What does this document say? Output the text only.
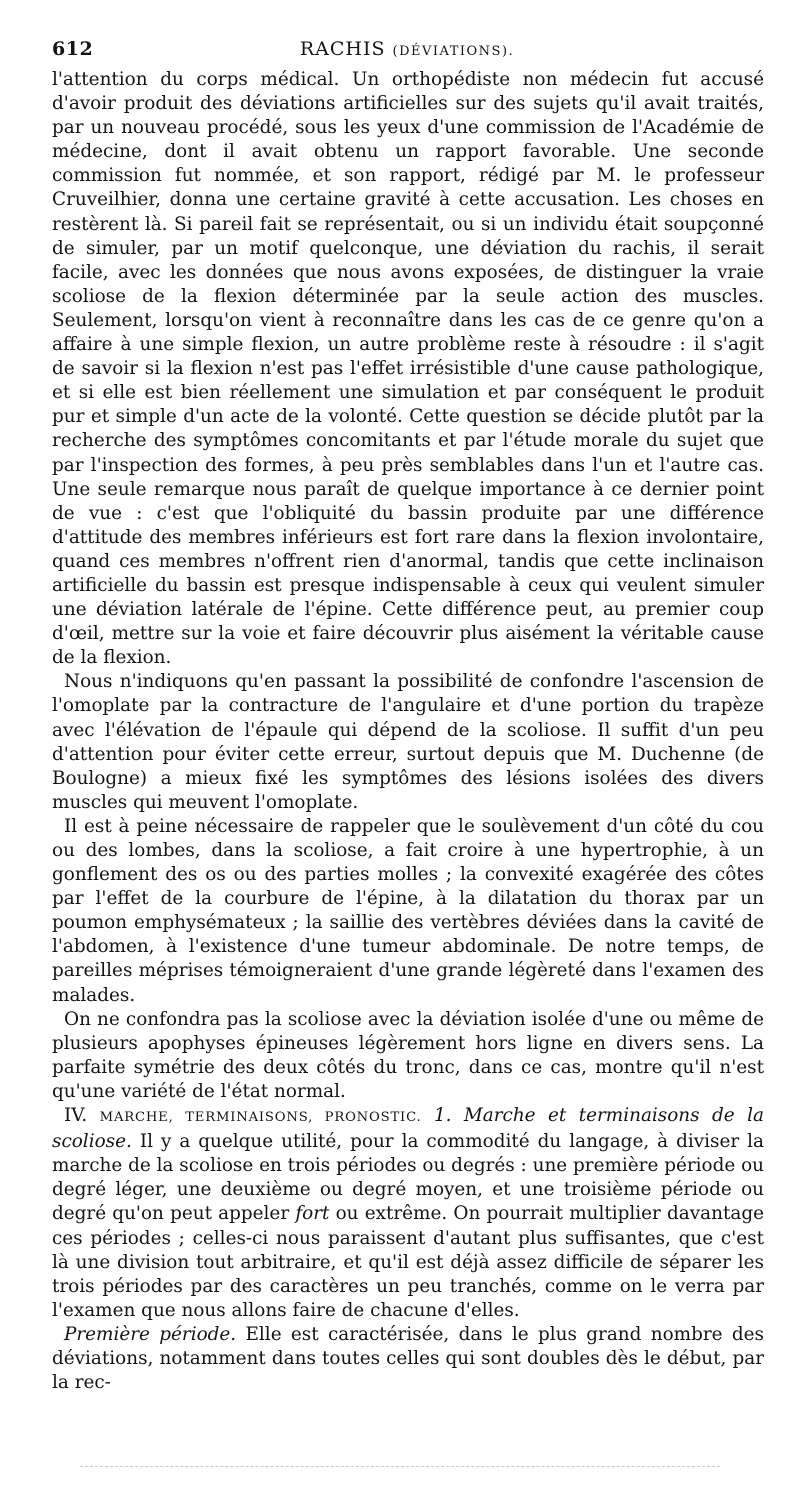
612	RACHIS (DÉVIATIONS).

l'attention du corps médical. Un orthopédiste non médecin fut accusé d'avoir produit des déviations artificielles sur des sujets qu'il avait traités, par un nouveau procédé, sous les yeux d'une commission de l'Académie de médecine, dont il avait obtenu un rapport favorable. Une seconde commission fut nommée, et son rapport, rédigé par M. le professeur Cruveilhier, donna une certaine gravité à cette accusation. Les choses en restèrent là. Si pareil fait se représentait, ou si un individu était soupçonné de simuler, par un motif quelconque, une déviation du rachis, il serait facile, avec les données que nous avons exposées, de distinguer la vraie scoliose de la flexion déterminée par la seule action des muscles. Seulement, lorsqu'on vient à reconnaître dans les cas de ce genre qu'on a affaire à une simple flexion, un autre problème reste à résoudre : il s'agit de savoir si la flexion n'est pas l'effet irrésistible d'une cause pathologique, et si elle est bien réellement une simulation et par conséquent le produit pur et simple d'un acte de la volonté. Cette question se décide plutôt par la recherche des symptômes concomitants et par l'étude morale du sujet que par l'inspection des formes, à peu près semblables dans l'un et l'autre cas. Une seule remarque nous paraît de quelque importance à ce dernier point de vue : c'est que l'obliquité du bassin produite par une différence d'attitude des membres inférieurs est fort rare dans la flexion involontaire, quand ces membres n'offrent rien d'anormal, tandis que cette inclinaison artificielle du bassin est presque indispensable à ceux qui veulent simuler une déviation latérale de l'épine. Cette différence peut, au premier coup d'œil, mettre sur la voie et faire découvrir plus aisément la véritable cause de la flexion.

Nous n'indiquons qu'en passant la possibilité de confondre l'ascension de l'omoplate par la contracture de l'angulaire et d'une portion du trapèze avec l'élévation de l'épaule qui dépend de la scoliose. Il suffit d'un peu d'attention pour éviter cette erreur, surtout depuis que M. Duchenne (de Boulogne) a mieux fixé les symptômes des lésions isolées des divers muscles qui meuvent l'omoplate.

Il est à peine nécessaire de rappeler que le soulèvement d'un côté du cou ou des lombes, dans la scoliose, a fait croire à une hypertrophie, à un gonflement des os ou des parties molles ; la convexité exagérée des côtes par l'effet de la courbure de l'épine, à la dilatation du thorax par un poumon emphysémateux ; la saillie des vertèbres déviées dans la cavité de l'abdomen, à l'existence d'une tumeur abdominale. De notre temps, de pareilles méprises témoigneraient d'une grande légèreté dans l'examen des malades.

On ne confondra pas la scoliose avec la déviation isolée d'une ou même de plusieurs apophyses épineuses légèrement hors ligne en divers sens. La parfaite symétrie des deux côtés du tronc, dans ce cas, montre qu'il n'est qu'une variété de l'état normal.

IV. MARCHE, TERMINAISONS, PRONOSTIC. 1. Marche et terminaisons de la scoliose. Il y a quelque utilité, pour la commodité du langage, à diviser la marche de la scoliose en trois périodes ou degrés : une première période ou degré léger, une deuxième ou degré moyen, et une troisième période ou degré qu'on peut appeler fort ou extrême. On pourrait multiplier davantage ces périodes ; celles-ci nous paraissent d'autant plus suffisantes, que c'est là une division tout arbitraire, et qu'il est déjà assez difficile de séparer les trois périodes par des caractères un peu tranchés, comme on le verra par l'examen que nous allons faire de chacune d'elles.

Première période. Elle est caractérisée, dans le plus grand nombre des déviations, notamment dans toutes celles qui sont doubles dès le début, par la rec-
